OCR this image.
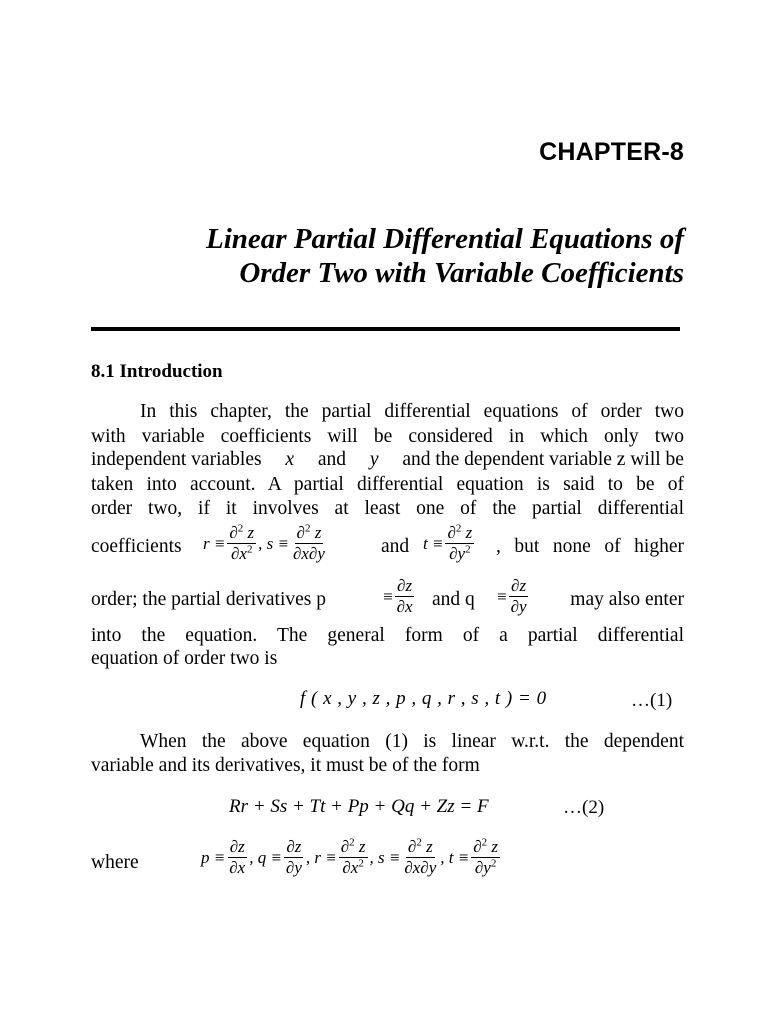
CHAPTER-8
Linear Partial Differential Equations of
Order Two with Variable Coefficients
8.1 Introduction
In this chapter, the partial differential equations of order two
with variable coefficients will be considered in which only two
independent variables x and y and the dependent variable z will be
taken into account. A partial differential equation is said to be of
order two, if it involves at least one of the partial differential
coefficients $r \equiv \frac{\partial^2 z}{\partial x^2}$ , $s \equiv \frac{\partial^2 z}{\partial x\partial y}$	and $t \equiv \frac{\partial^2 z}{\partial y^2}$ , but none of higher
order; the partial derivatives p	≡ $\frac{\partial z}{\partial x}$ and $q \equiv \frac{\partial z}{\partial y}$ may also enter
into the equation. The general form of a partial differential
equation of order two is
f ( x , y , z , p , q , r , s , t ) = 0	…(1)
When the above equation (1) is linear w.r.t. the dependent
variable and its derivatives, it must be of the form
Rr + Ss + Tt + Pp + Qq + Zz = F	…(2)
where	$p \equiv \frac{\partial z}{\partial x}$ , $q \equiv \frac{\partial z}{\partial y}$ , $r \equiv \frac{\partial^2 z}{\partial x^2}$ , $s \equiv \frac{\partial^2 z}{\partial x\partial y}$ , $t \equiv \frac{\partial^2 z}{\partial y^2}$
